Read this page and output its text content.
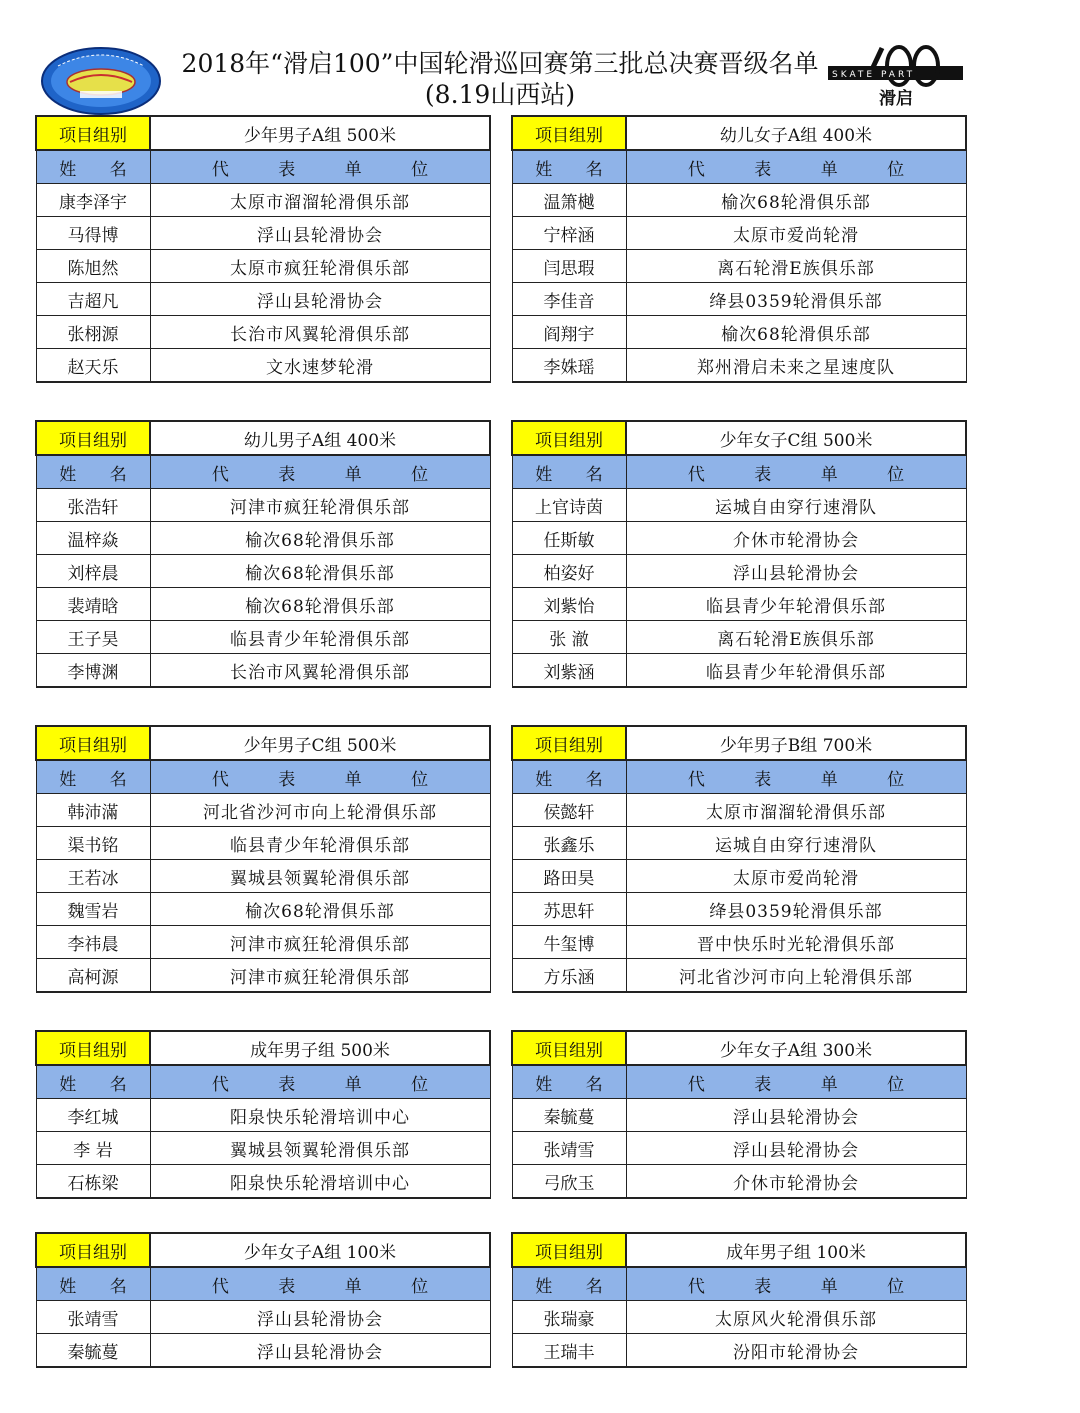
2018年“滑启100”中国轮滑巡回赛第三批总决赛晋级名单
(8.19山西站)
SKATE PART
滑启
项目组别	少年男子A组 500米
姓 名	代 表 单 位
康李泽宇	太原市溜溜轮滑俱乐部
马得博	浮山县轮滑协会
陈旭然	太原市疯狂轮滑俱乐部
吉超凡	浮山县轮滑协会
张栩源	长治市风翼轮滑俱乐部
赵天乐	文水速梦轮滑
项目组别	幼儿女子A组 400米
姓 名	代 表 单 位
温箫樾	榆次68轮滑俱乐部
宁梓涵	太原市爱尚轮滑
闫思瑕	离石轮滑E族俱乐部
李佳音	绛县0359轮滑俱乐部
阎翔宇	榆次68轮滑俱乐部
李姝瑶	郑州滑启未来之星速度队
项目组别	幼儿男子A组 400米
姓 名	代 表 单 位
张浩轩	河津市疯狂轮滑俱乐部
温梓焱	榆次68轮滑俱乐部
刘梓晨	榆次68轮滑俱乐部
裴靖晗	榆次68轮滑俱乐部
王子昊	临县青少年轮滑俱乐部
李博渊	长治市风翼轮滑俱乐部
项目组别	少年女子C组 500米
姓 名	代 表 单 位
上官诗茵	运城自由穿行速滑队
任斯敏	介休市轮滑协会
柏姿好	浮山县轮滑协会
刘紫怡	临县青少年轮滑俱乐部
张 澈	离石轮滑E族俱乐部
刘紫涵	临县青少年轮滑俱乐部
项目组别	少年男子C组 500米
姓 名	代 表 单 位
韩沛滿	河北省沙河市向上轮滑俱乐部
渠书铭	临县青少年轮滑俱乐部
王若冰	翼城县领翼轮滑俱乐部
魏雪岩	榆次68轮滑俱乐部
李祎晨	河津市疯狂轮滑俱乐部
高柯源	河津市疯狂轮滑俱乐部
项目组别	少年男子B组 700米
姓 名	代 表 单 位
侯懿轩	太原市溜溜轮滑俱乐部
张鑫乐	运城自由穿行速滑队
路田昊	太原市爱尚轮滑
苏思轩	绛县0359轮滑俱乐部
牛玺博	晋中快乐时光轮滑俱乐部
方乐涵	河北省沙河市向上轮滑俱乐部
项目组别	成年男子组 500米
姓 名	代 表 单 位
李红城	阳泉快乐轮滑培训中心
李 岩	翼城县领翼轮滑俱乐部
石栋梁	阳泉快乐轮滑培训中心
项目组别	少年女子A组 300米
姓 名	代 表 单 位
秦毓蔓	浮山县轮滑协会
张靖雪	浮山县轮滑协会
弓欣玉	介休市轮滑协会
项目组别	少年女子A组 100米
姓 名	代 表 单 位
张靖雪	浮山县轮滑协会
秦毓蔓	浮山县轮滑协会
项目组别	成年男子组 100米
姓 名	代 表 单 位
张瑞豪	太原风火轮滑俱乐部
王瑞丰	汾阳市轮滑协会
